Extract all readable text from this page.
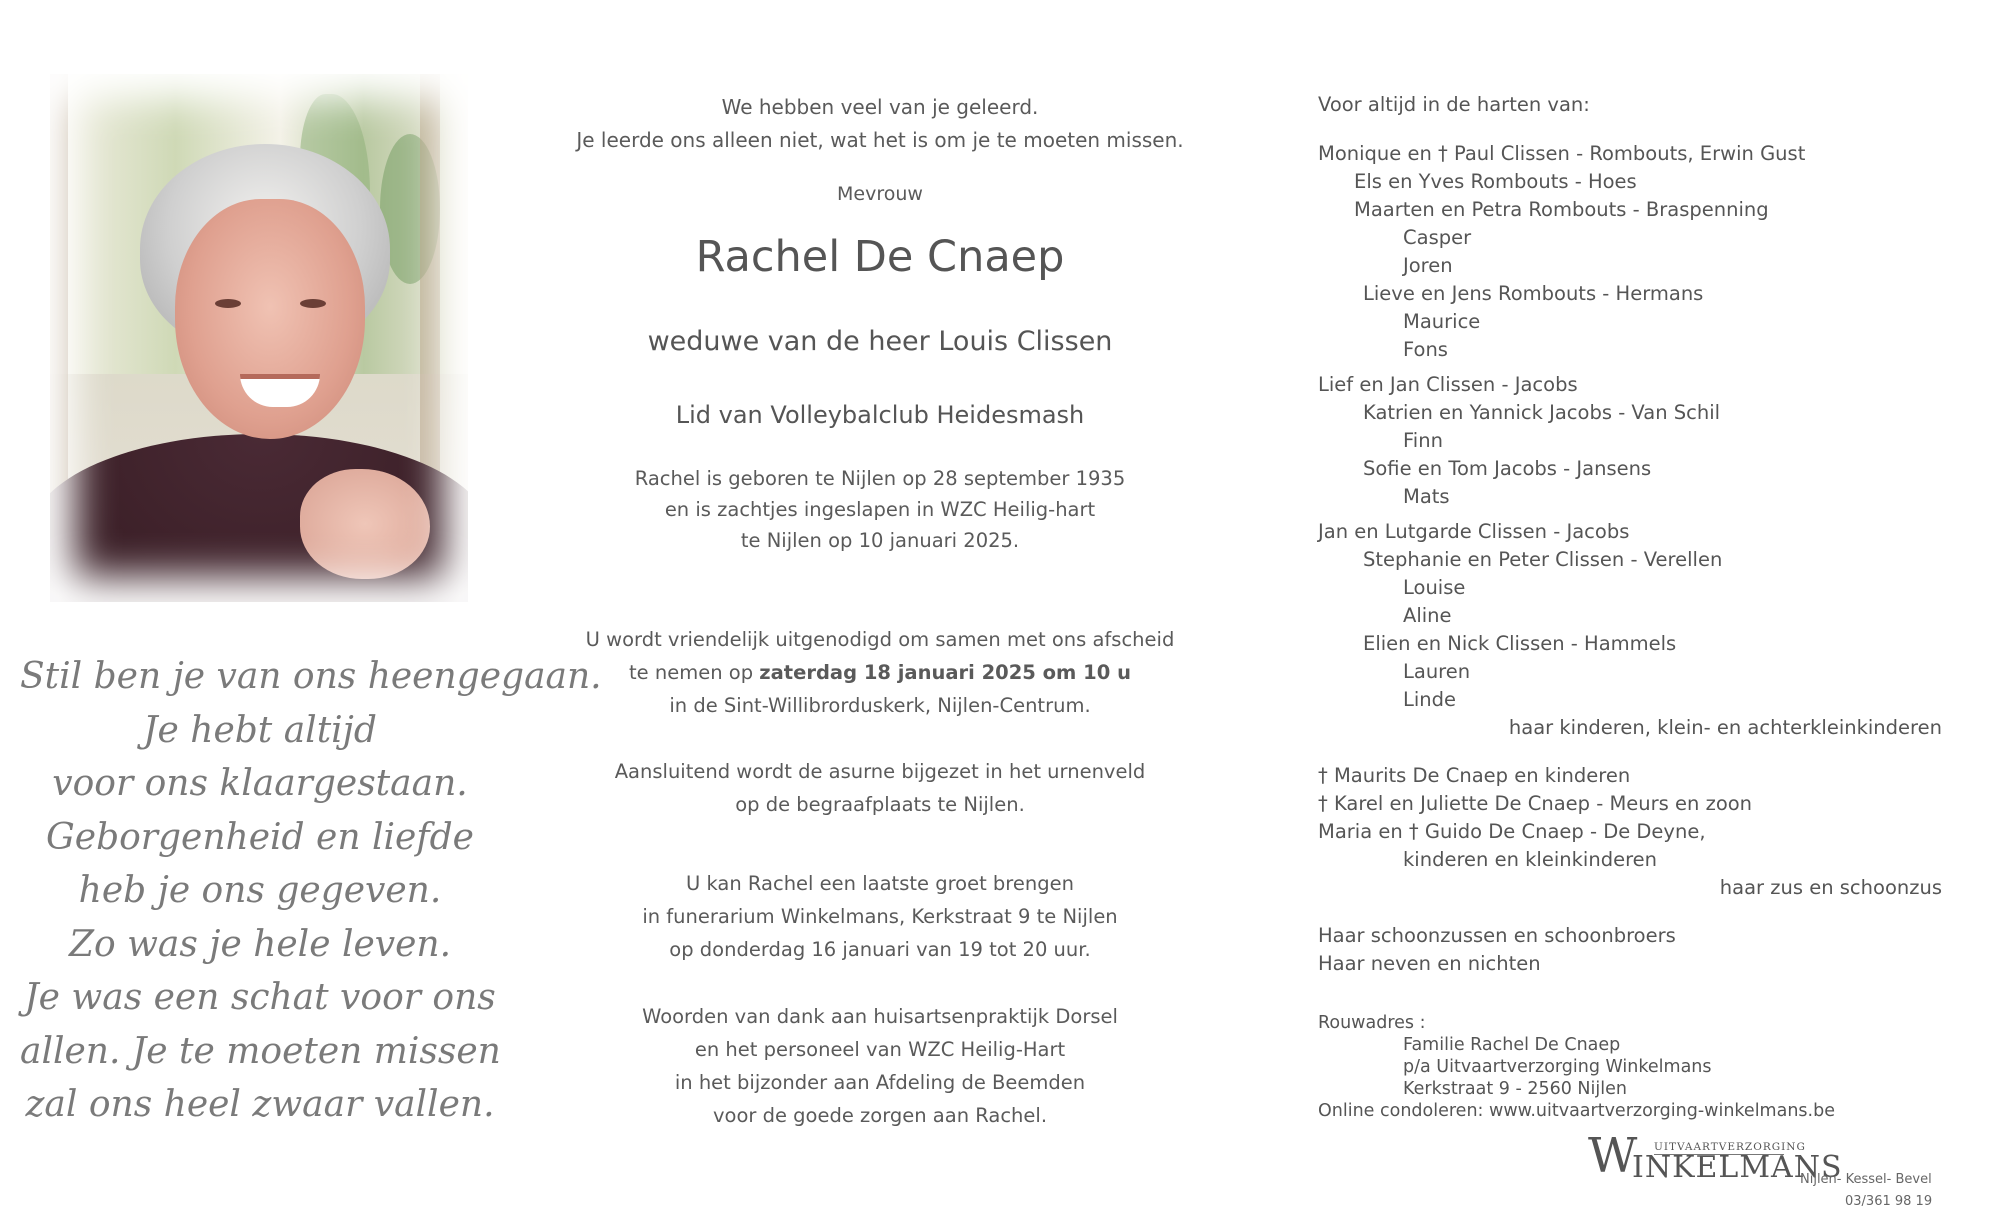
Stil ben je van ons heengegaan.
Je hebt altijd
voor ons klaargestaan.
Geborgenheid en liefde
heb je ons gegeven.
Zo was je hele leven.
Je was een schat voor ons
allen. Je te moeten missen
zal ons heel zwaar vallen.
We hebben veel van je geleerd.
Je leerde ons alleen niet, wat het is om je te moeten missen.
Mevrouw
Rachel De Cnaep
weduwe van de heer Louis Clissen
Lid van Volleybalclub Heidesmash
Rachel is geboren te Nijlen op 28 september 1935
en is zachtjes ingeslapen in WZC Heilig-hart
te Nijlen op 10 januari 2025.
U wordt vriendelijk uitgenodigd om samen met ons afscheid
te nemen op zaterdag 18 januari 2025 om 10 u
in de Sint-Willibrorduskerk, Nijlen-Centrum.
Aansluitend wordt de asurne bijgezet in het urnenveld
op de begraafplaats te Nijlen.
U kan Rachel een laatste groet brengen
in funerarium Winkelmans, Kerkstraat 9 te Nijlen
op donderdag 16 januari van 19 tot 20 uur.
Woorden van dank aan huisartsenpraktijk Dorsel
en het personeel van WZC Heilig-Hart
in het bijzonder aan Afdeling de Beemden
voor de goede zorgen aan Rachel.
Voor altijd in de harten van:
Monique en † Paul Clissen - Rombouts, Erwin Gust
Els en Yves Rombouts - Hoes
Maarten en Petra Rombouts - Braspenning
Casper
Joren
Lieve en Jens Rombouts - Hermans
Maurice
Fons
Lief en Jan Clissen - Jacobs
Katrien en Yannick Jacobs - Van Schil
Finn
Sofie en Tom Jacobs - Jansens
Mats
Jan en Lutgarde Clissen - Jacobs
Stephanie en Peter Clissen - Verellen
Louise
Aline
Elien en Nick Clissen - Hammels
Lauren
Linde
haar kinderen, klein- en achterkleinkinderen
† Maurits De Cnaep en kinderen
† Karel en Juliette De Cnaep - Meurs en zoon
Maria en † Guido De Cnaep - De Deyne,
kinderen en kleinkinderen
haar zus en schoonzus
Haar schoonzussen en schoonbroers
Haar neven en nichten
Rouwadres :
Familie Rachel De Cnaep
p/a Uitvaartverzorging Winkelmans
Kerkstraat 9 - 2560 Nijlen
Online condoleren: www.uitvaartverzorging-winkelmans.be
UITVAARTVERZORGING
W
INKELMANS
Nijlen- Kessel- Bevel
03/361 98 19
